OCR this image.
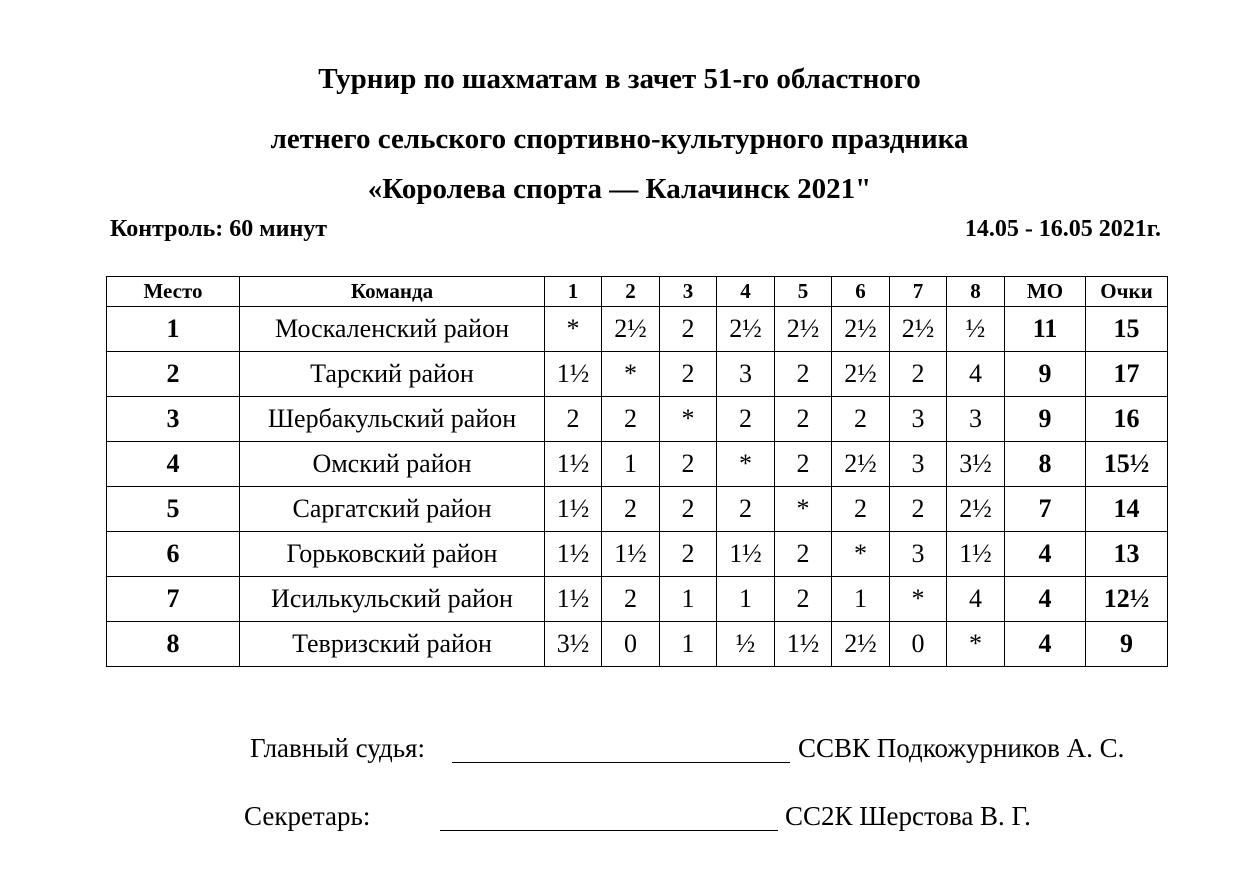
Турнир по шахматам в зачет 51-го областного
летнего сельского спортивно-культурного праздника
«Королева спорта — Калачинск 2021"
Контроль: 60 минут	14.05 - 16.05 2021г.
Место	Команда	1	2	3	4	5	6	7	8	МО	Очки
1	Москаленский район	*	2½	2	2½	2½	2½	2½	½	11	15
2	Тарский район	1½	*	2	3	2	2½	2	4	9	17
3	Шербакульский район	2	2	*	2	2	2	3	3	9	16
4	Омский район	1½	1	2	*	2	2½	3	3½	8	15½
5	Саргатский район	1½	2	2	2	*	2	2	2½	7	14
6	Горьковский район	1½	1½	2	1½	2	*	3	1½	4	13
7	Исилькульский район	1½	2	1	1	2	1	*	4	4	12½
8	Тевризский район	3½	0	1	½	1½	2½	0	*	4	9
Главный судья:	ССВК Подкожурников А. С.
Секретарь:	СС2К Шерстова В. Г.
